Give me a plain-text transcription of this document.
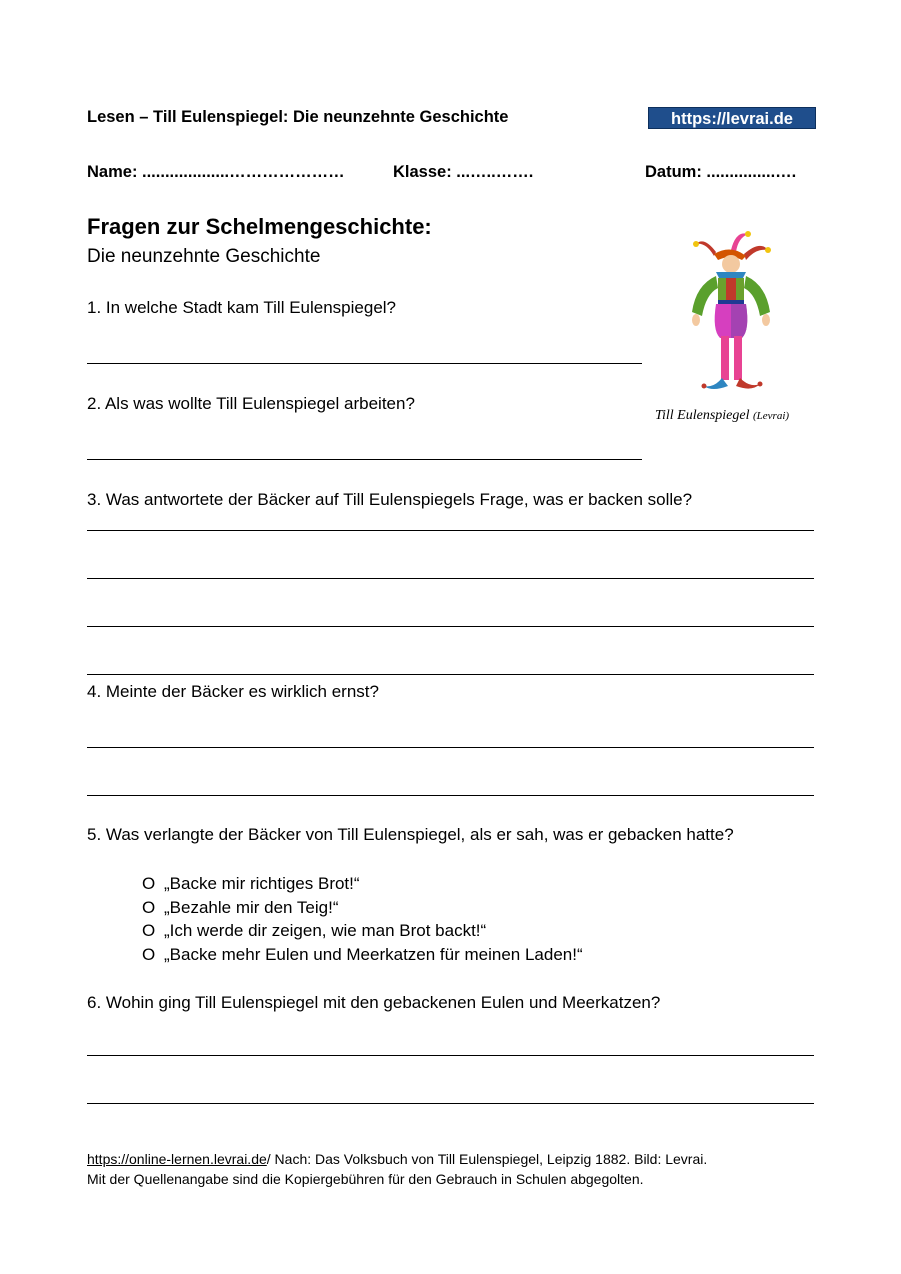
Lesen – Till Eulenspiegel: Die neunzehnte Geschichte	https://levrai.de
Name: ...................…………………	Klasse: ...…..…….	Datum: ...............….
Fragen zur Schelmengeschichte:
Die neunzehnte Geschichte
Till Eulenspiegel (Levrai)
1. In welche Stadt kam Till Eulenspiegel?
2. Als was wollte Till Eulenspiegel arbeiten?
3. Was antwortete der Bäcker auf Till Eulenspiegels Frage, was er backen solle?
4. Meinte der Bäcker es wirklich ernst?
5. Was verlangte der Bäcker von Till Eulenspiegel, als er sah, was er gebacken hatte?
O „Backe mir richtiges Brot!“
O „Bezahle mir den Teig!“
O „Ich werde dir zeigen, wie man Brot backt!“
O „Backe mehr Eulen und Meerkatzen für meinen Laden!“
6. Wohin ging Till Eulenspiegel mit den gebackenen Eulen und Meerkatzen?
https://online-lernen.levrai.de/ Nach: Das Volksbuch von Till Eulenspiegel, Leipzig 1882. Bild: Levrai.
Mit der Quellenangabe sind die Kopiergebühren für den Gebrauch in Schulen abgegolten.
